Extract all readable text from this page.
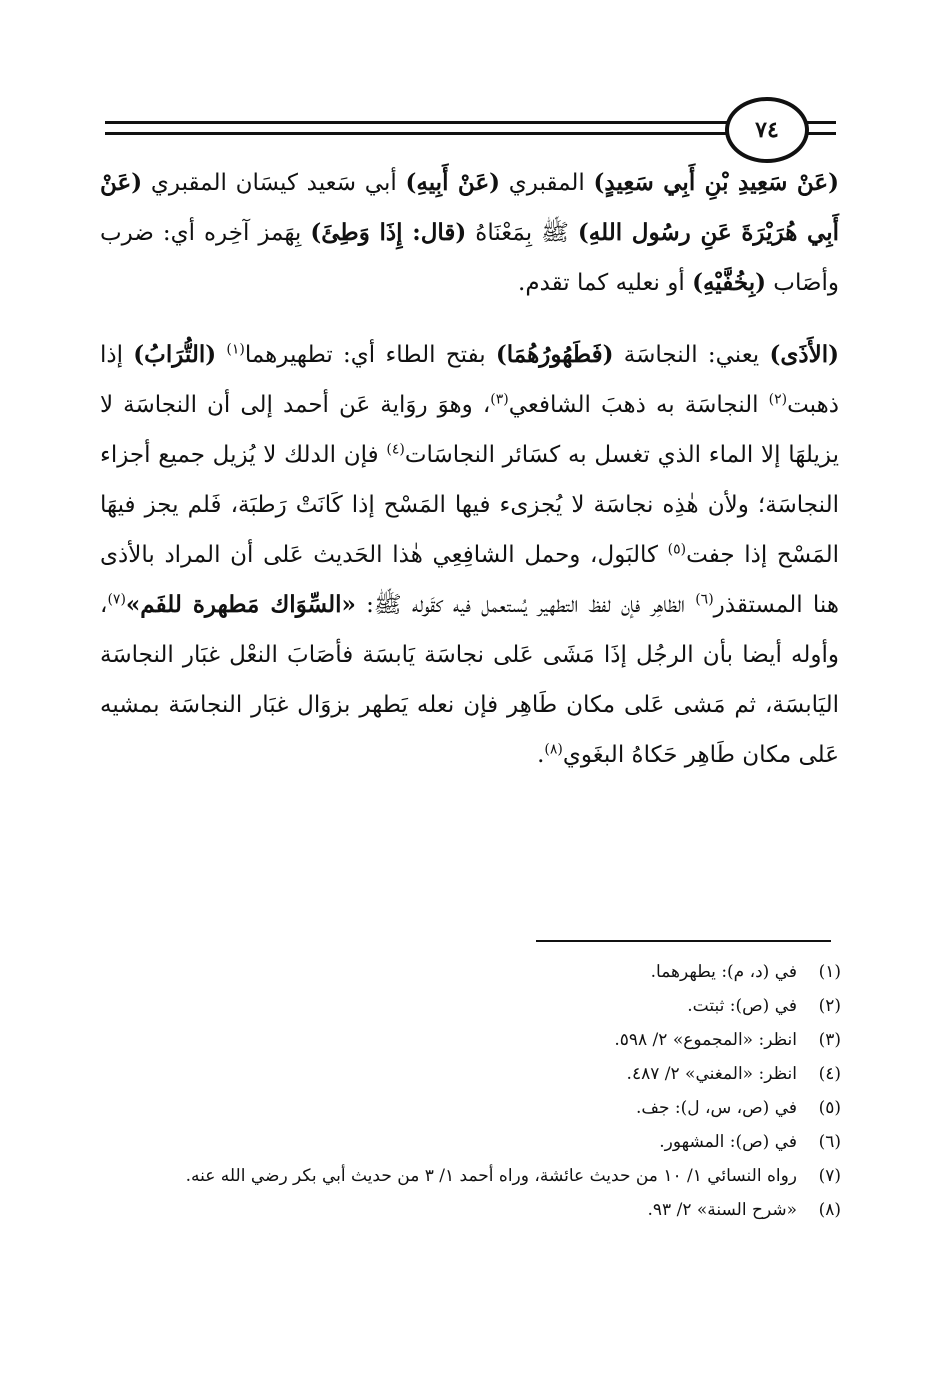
٧٤

(عَنْ سَعِيدِ بْنِ أَبِي سَعِيدٍ) المقبري (عَنْ أَبِيهِ) أبي سَعيد كيسَان المقبري (عَنْ أَبِي هُرَيْرَةَ عَنِ رسُول اللهِ) ﷺ بِمَعْنَاهُ (قال: إِذَا وَطِئَ) بِهَمز آخِره أي: ضرب وأصَاب (بِخُفَّيْهِ) أو نعليه كما تقدم.

(الأَذَى) يعني: النجاسَة (فَطَهُورُهُمَا) بفتح الطاء أي: تطهيرهما$^{(١)}$ (التُّرَابُ) إذا ذهبت$^{(٢)}$ النجاسَة به ذهبَ الشافعي$^{(٣)}$، وهوَ روَاية عَن أحمد إلى أن النجاسَة لا يزيلهَا إلا الماء الذي تغسل به كسَائر النجاسَات$^{(٤)}$ فإن الدلك لا يُزيل جميع أجزاء النجاسَة؛ ولأن هٰذِه نجاسَة لا يُجزىء فيها المَسْح إذا كَانَتْ رَطبَة، فَلم يجز فيهَا المَسْح إذا جفت$^{(٥)}$ كالبَول، وحمل الشافِعِي هٰذا الحَديث عَلى أن المراد بالأذى هنا المستقذر$^{(٦)}$ الظاهِر فإن لفظ التطهير يُستعمل فيه كقَوله ﷺ: «السِّوَاك مَطهرة للفَم»$^{(٧)}$، وأوله أيضا بأن الرجُل إذَا مَشَى عَلى نجاسَة يَابسَة فأصَابَ النعْل غبَار النجاسَة اليَابسَة، ثم مَشى عَلى مكان طَاهِر فإن نعله يَطهر بزوَال غبَار النجاسَة بمشيه عَلى مكان طَاهِر حَكاهُ البغَوي$^{(٨)}$.

(١)في (د، م): يطهرهما.
(٢)في (ص): ثبتت.
(٣)انظر: «المجموع» ٢/ ٥٩٨.
(٤)انظر: «المغني» ٢/ ٤٨٧.
(٥)في (ص، س، ل): جف.
(٦)في (ص): المشهور.
(٧)رواه النسائي ١/ ١٠ من حديث عائشة، وراه أحمد ١/ ٣ من حديث أبي بكر رضي الله عنه.
(٨)«شرح السنة» ٢/ ٩٣.
